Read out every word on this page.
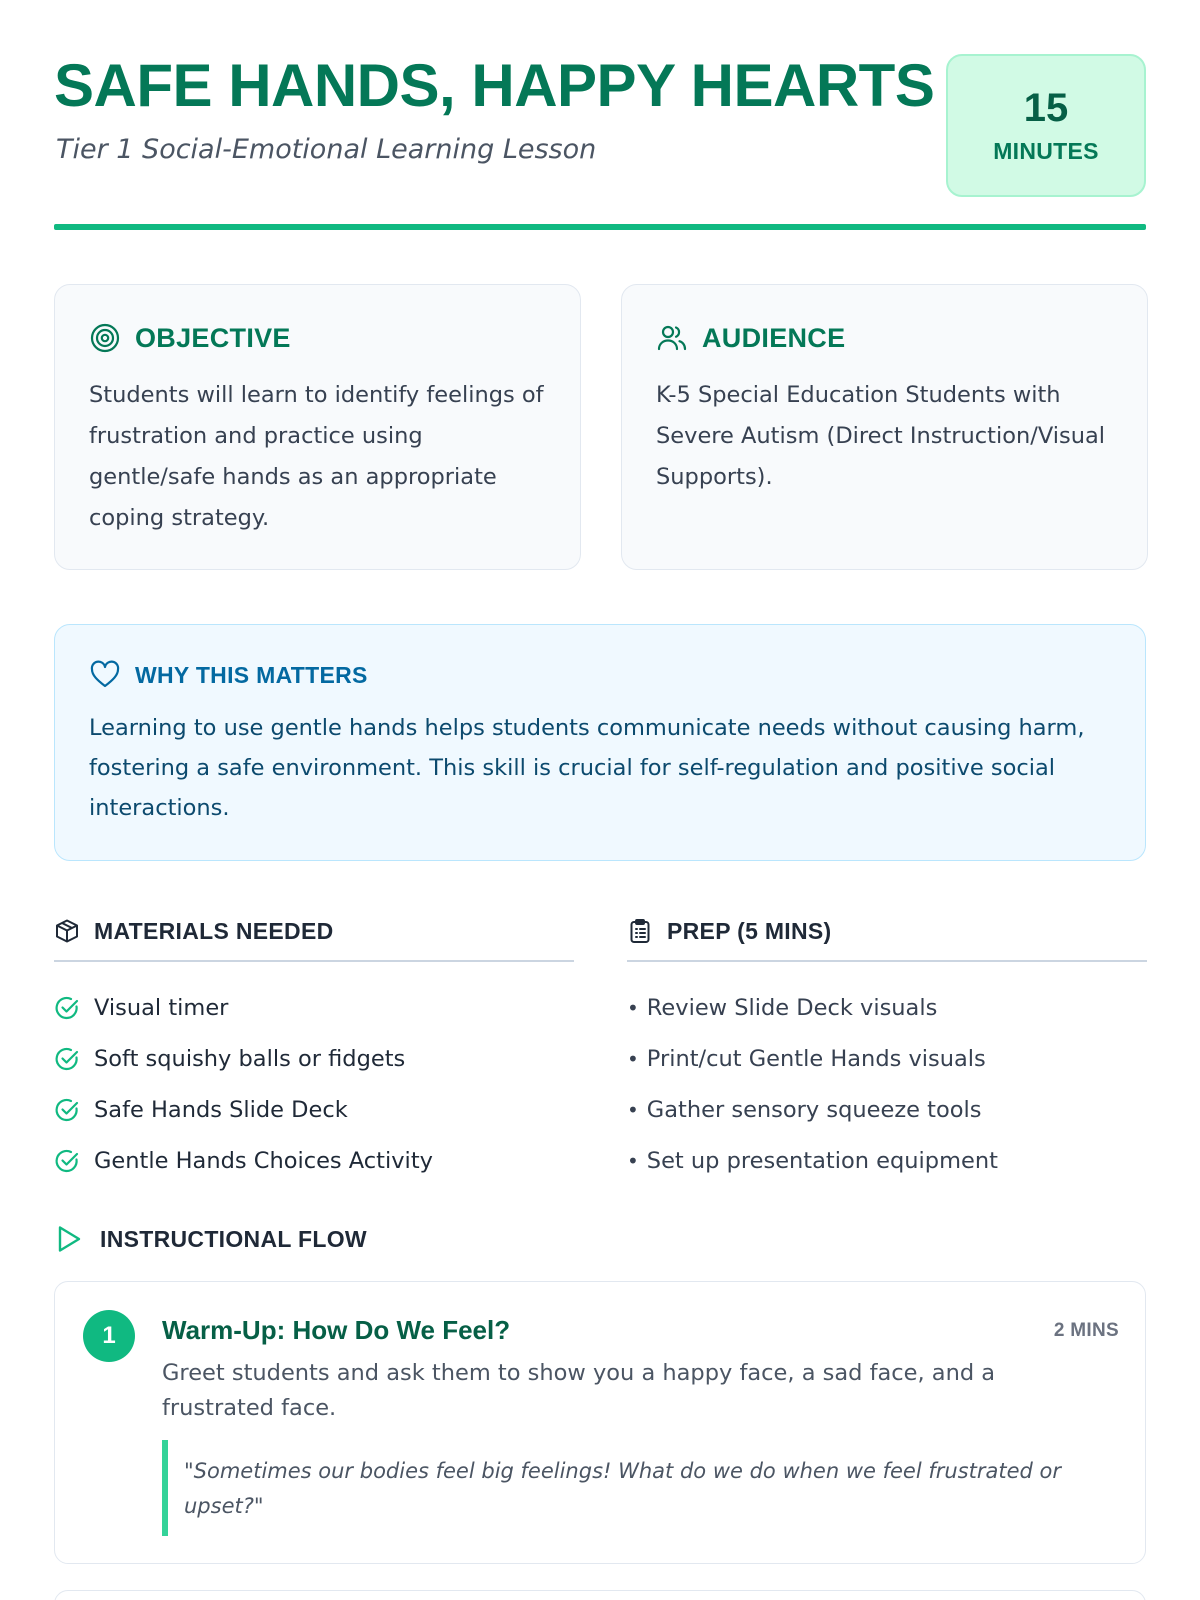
SAFE HANDS, HAPPY HEARTS
Tier 1 Social-Emotional Learning Lesson
15
MINUTES
OBJECTIVE

Students will learn to identify feelings of frustration and practice using gentle/safe hands as an appropriate coping strategy.

AUDIENCE

K-5 Special Education Students with Severe Autism (Direct Instruction/Visual Supports).

WHY THIS MATTERS

Learning to use gentle hands helps students communicate needs without causing harm, fostering a safe environment. This skill is crucial for self-regulation and positive social interactions.

MATERIALS NEEDED
Visual timer
Soft squishy balls or fidgets
Safe Hands Slide Deck
Gentle Hands Choices Activity
PREP (5 MINS)
• Review Slide Deck visuals
• Print/cut Gentle Hands visuals
• Gather sensory squeeze tools
• Set up presentation equipment
INSTRUCTIONAL FLOW
1	Warm-Up: How Do We Feel?	2 MINS

Greet students and ask them to show you a happy face, a sad face, and a frustrated face.

"Sometimes our bodies feel big feelings! What do we do when we feel frustrated or upset?"
